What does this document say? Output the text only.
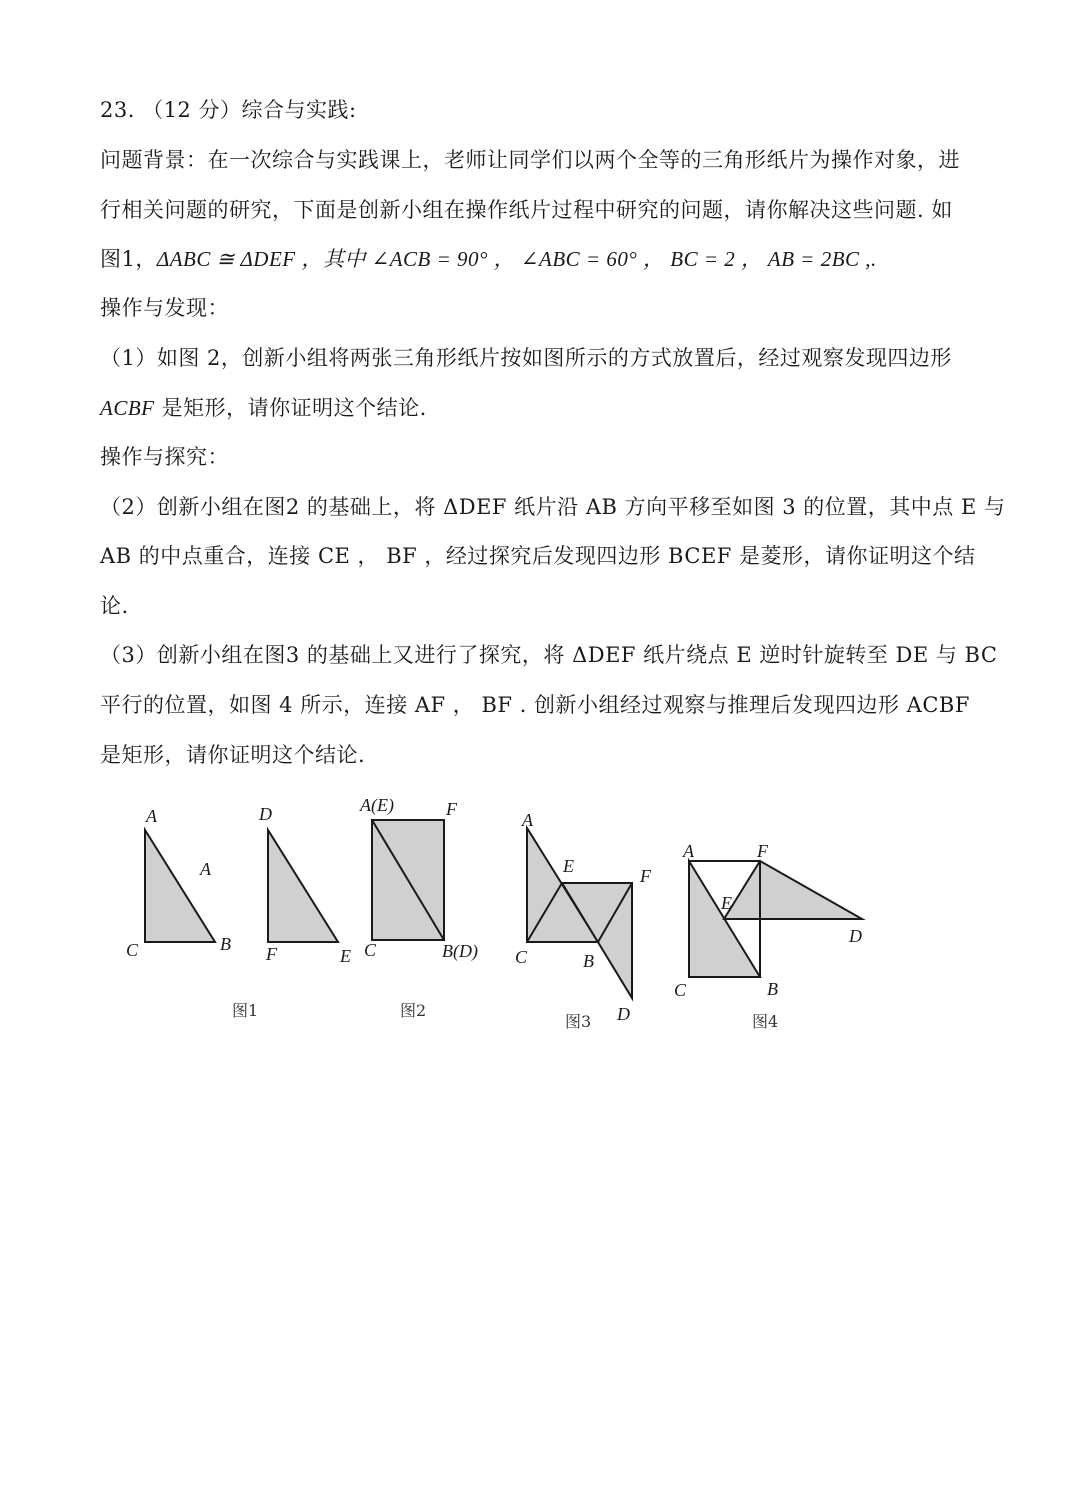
23. （12 分）综合与实践:
问题背景：在一次综合与实践课上，老师让同学们以两个全等的三角形纸片为操作对象，进
行相关问题的研究，下面是创新小组在操作纸片过程中研究的问题，请你解决这些问题. 如
图1，ΔABC ≅ ΔDEF ，其中 ∠ACB = 90° ， ∠ABC = 60° ， BC = 2 ， AB = 2BC ,.
操作与发现：
（1）如图 2，创新小组将两张三角形纸片按如图所示的方式放置后，经过观察发现四边形
ACBF 是矩形，请你证明这个结论.
操作与探究：
（2）创新小组在图2 的基础上，将 ΔDEF 纸片沿 AB 方向平移至如图 3 的位置，其中点 E 与
AB 的中点重合，连接 CE ， BF ，经过探究后发现四边形 BCEF 是菱形，请你证明这个结
论.
（3）创新小组在图3 的基础上又进行了探究，将 ΔDEF 纸片绕点 E 逆时针旋转至 DE 与 BC
平行的位置，如图 4 所示，连接 AF ， BF . 创新小组经过观察与推理后发现四边形 ACBF
是矩形，请你证明这个结论.
A
A
C	B
图1
D
F	E
A(E)	F
C	B(D)
图2
A
E	F
C	B
D
图3
A	F
E
D
C	B
图4
